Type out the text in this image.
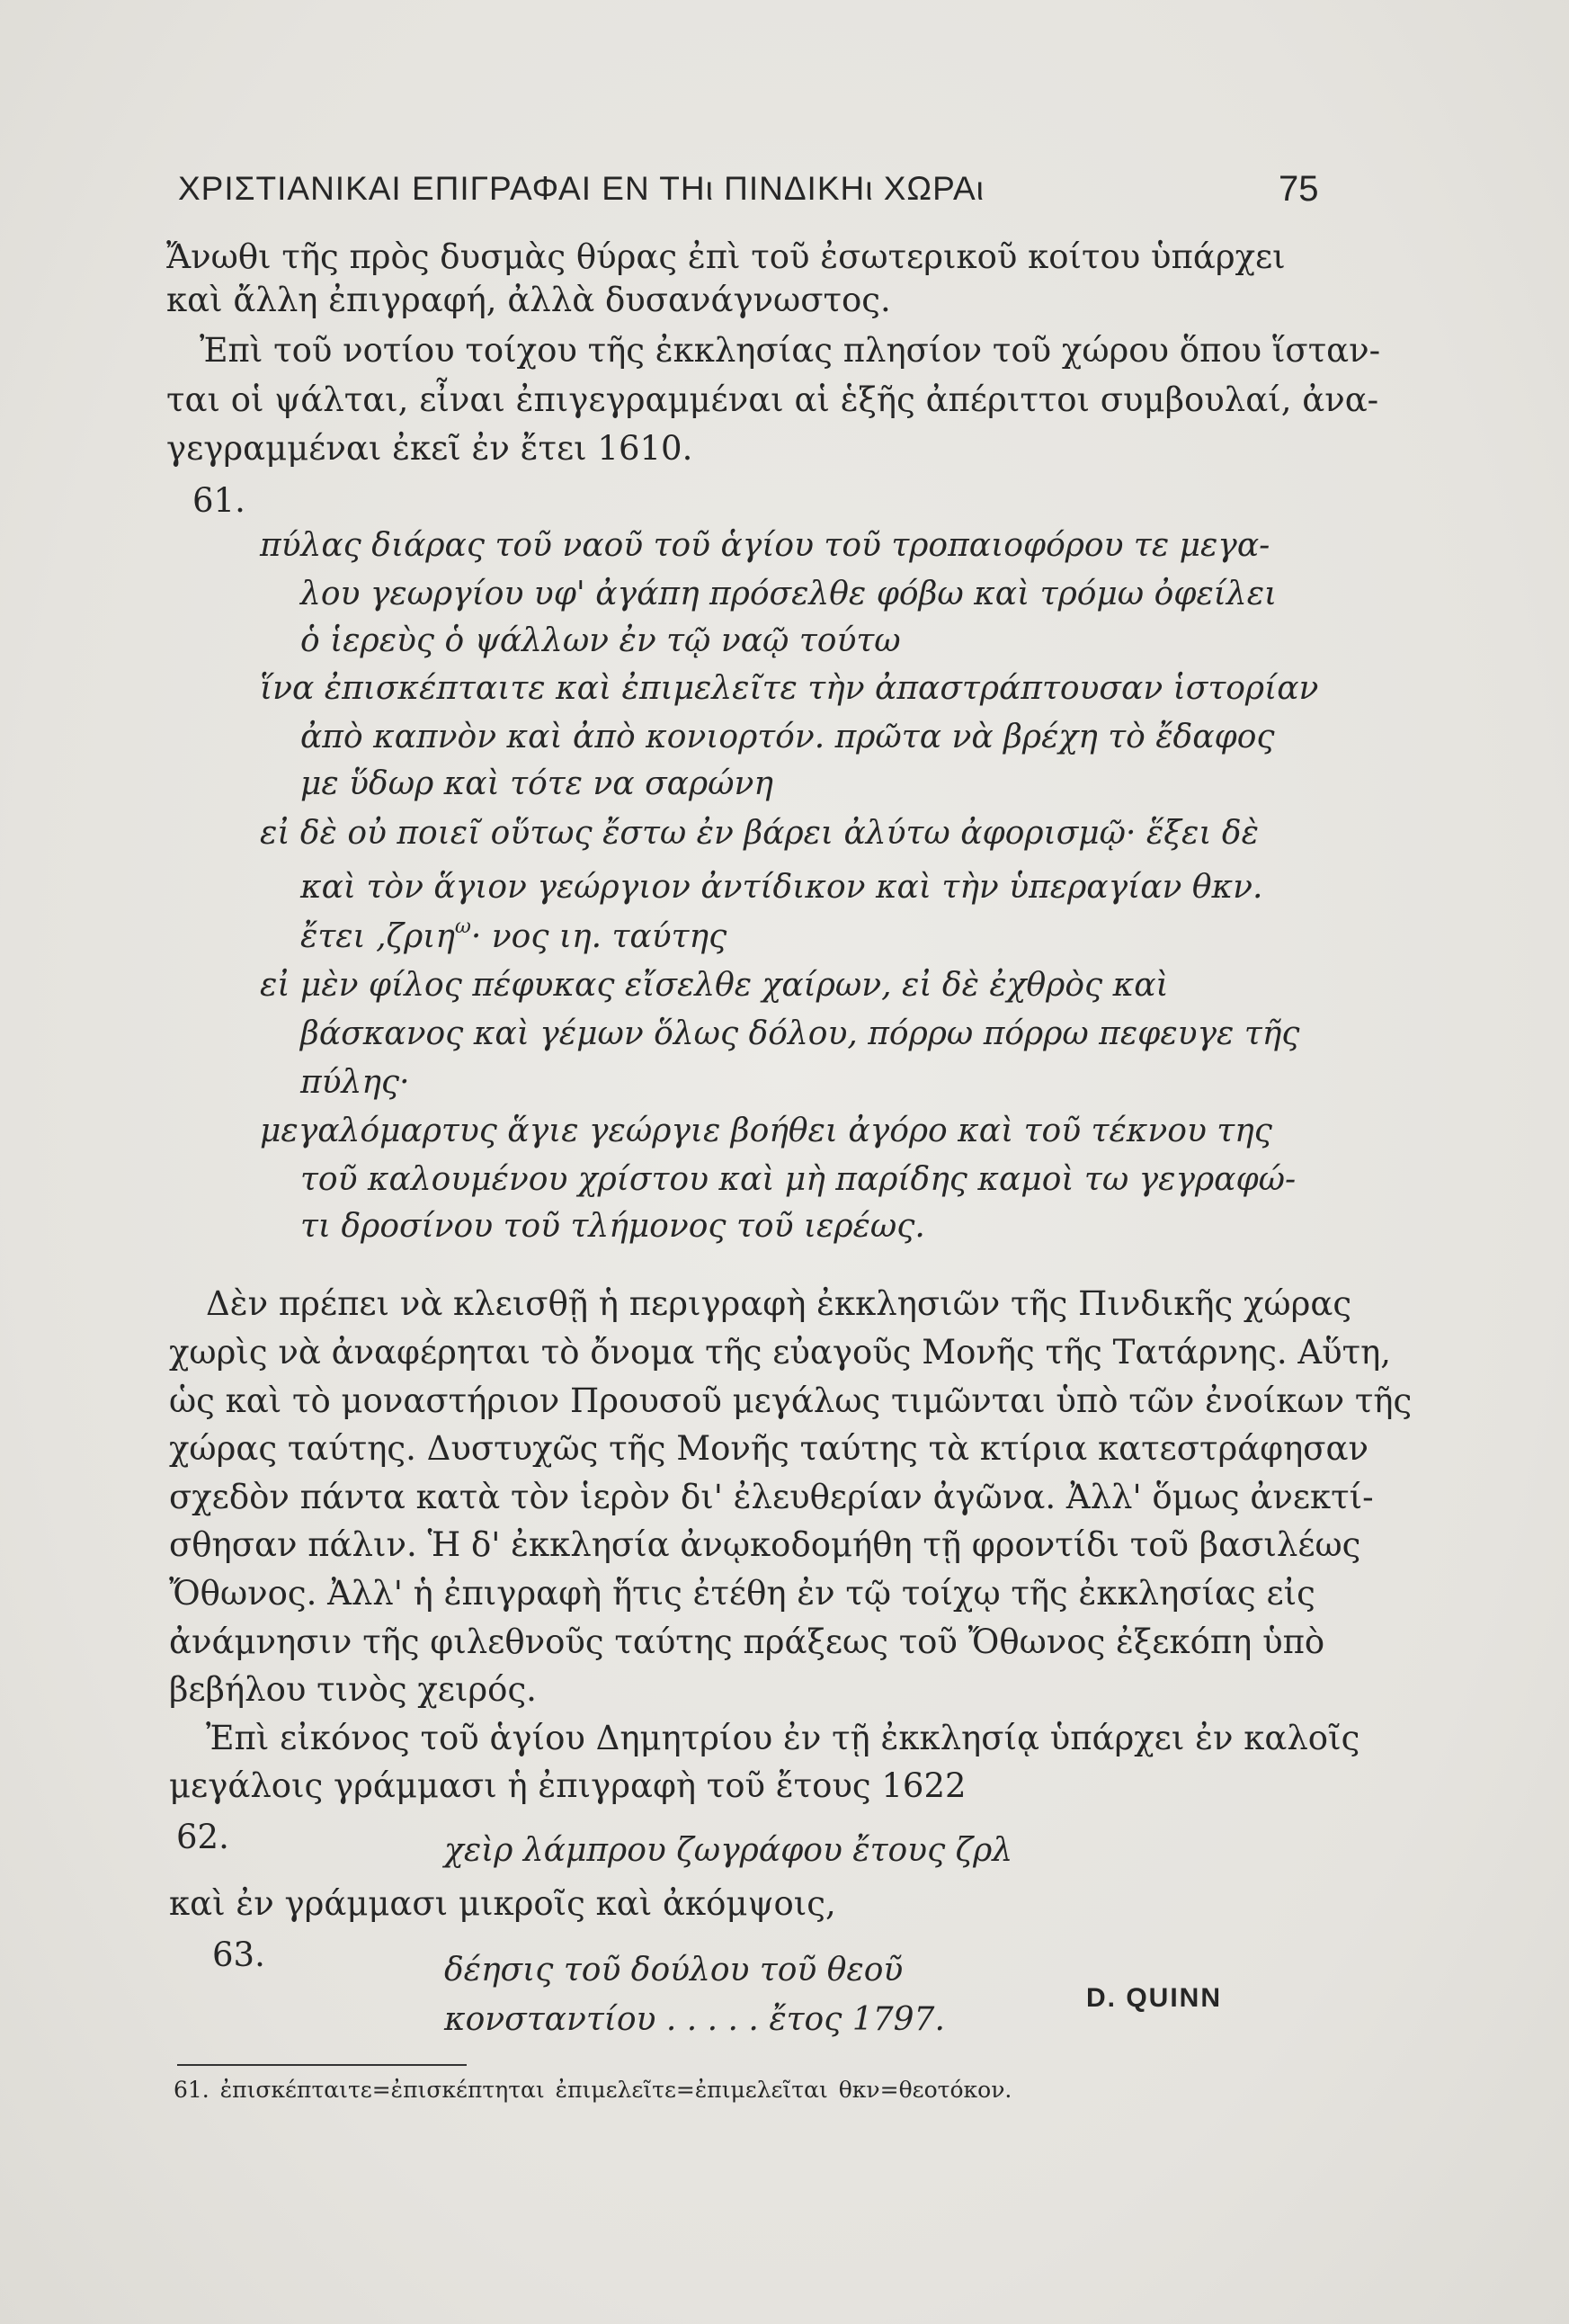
ΧΡΙΣΤΙΑΝΙΚΑΙ ΕΠΙΓΡΑΦΑΙ ΕΝ ΤΗι ΠΙΝΔΙΚΗι ΧΩΡΑι	75
Ἄνωθι τῆς πρὸς δυσμὰς θύρας ἐπὶ τοῦ ἐσωτερικοῦ κοίτου ὑπάρχει
καὶ ἄλλη ἐπιγραφή, ἀλλὰ δυσανάγνωστος.
Ἐπὶ τοῦ νοτίου τοίχου τῆς ἐκκλησίας πλησίον τοῦ χώρου ὅπου ἵσταν-
ται οἱ ψάλται, εἶναι ἐπιγεγραμμέναι αἱ ἑξῆς ἀπέριττοι συμβουλαί, ἀνα-
γεγραμμέναι ἐκεῖ ἐν ἔτει 1610.
61.
πύλας διάρας τοῦ ναοῦ τοῦ ἁγίου τοῦ τροπαιοφόρου τε μεγα-
λου γεωργίου υφ' ἀγάπη πρόσελθε φόβω καὶ τρόμω ὀφείλει
ὁ ἱερεὺς ὁ ψάλλων ἐν τῷ ναῷ τούτω
ἵνα ἐπισκέπταιτε καὶ ἐπιμελεῖτε τὴν ἀπαστράπτουσαν ἱστορίαν
ἀπὸ καπνὸν καὶ ἀπὸ κονιορτόν. πρῶτα νὰ βρέχη τὸ ἔδαφος
με ὕδωρ καὶ τότε να σαρώνη
εἰ δὲ οὐ ποιεῖ οὕτως ἔστω ἐν βάρει ἀλύτω ἀφορισμῷ· ἕξει δὲ
καὶ τὸν ἅγιον γεώργιον ἀντίδικον καὶ τὴν ὑπεραγίαν θκν.
ἔτει ,ζριη$^\omega$· νος ιη. ταύτης
εἰ μὲν φίλος πέφυκας εἴσελθε χαίρων, εἰ δὲ ἐχθρὸς καὶ
βάσκανος καὶ γέμων ὅλως δόλου, πόρρω πόρρω πεφευγε τῆς
πύλης·
μεγαλόμαρτυς ἅγιε γεώργιε βοήθει ἀγόρο καὶ τοῦ τέκνου της
τοῦ καλουμένου χρίστου καὶ μὴ παρίδης καμοὶ τω γεγραφώ-
τι δροσίνου τοῦ τλήμονος τοῦ ιερέως.
Δὲν πρέπει νὰ κλεισθῇ ἡ περιγραφὴ ἐκκλησιῶν τῆς Πινδικῆς χώρας
χωρὶς νὰ ἀναφέρηται τὸ ὄνομα τῆς εὐαγοῦς Μονῆς τῆς Τατάρνης. Αὕτη,
ὡς καὶ τὸ μοναστήριον Προυσοῦ μεγάλως τιμῶνται ὑπὸ τῶν ἐνοίκων τῆς
χώρας ταύτης. Δυστυχῶς τῆς Μονῆς ταύτης τὰ κτίρια κατεστράφησαν
σχεδὸν πάντα κατὰ τὸν ἱερὸν δι' ἐλευθερίαν ἀγῶνα. Ἀλλ' ὅμως ἀνεκτί-
σθησαν πάλιν. Ἡ δ' ἐκκλησία ἀνῳκοδομήθη τῇ φροντίδι τοῦ βασιλέως
Ὄθωνος. Ἀλλ' ἡ ἐπιγραφὴ ἥτις ἐτέθη ἐν τῷ τοίχῳ τῆς ἐκκλησίας εἰς
ἀνάμνησιν τῆς φιλεθνοῦς ταύτης πράξεως τοῦ Ὄθωνος ἐξεκόπη ὑπὸ
βεβήλου τινὸς χειρός.
Ἐπὶ εἰκόνος τοῦ ἁγίου Δημητρίου ἐν τῇ ἐκκλησίᾳ ὑπάρχει ἐν καλοῖς
μεγάλοις γράμμασι ἡ ἐπιγραφὴ τοῦ ἔτους 1622
62.	χεὶρ λάμπρου ζωγράφου ἔτους ζρλ
καὶ ἐν γράμμασι μικροῖς καὶ ἀκόμψοις,
63.	δέησις τοῦ δούλου τοῦ θεοῦ
κονσταντίου . . . . . ἔτος 1797.
D. QUINN
61. ἐπισκέπταιτε=ἐπισκέπτηται ἐπιμελεῖτε=ἐπιμελεῖται θκν=θεοτόκον.
